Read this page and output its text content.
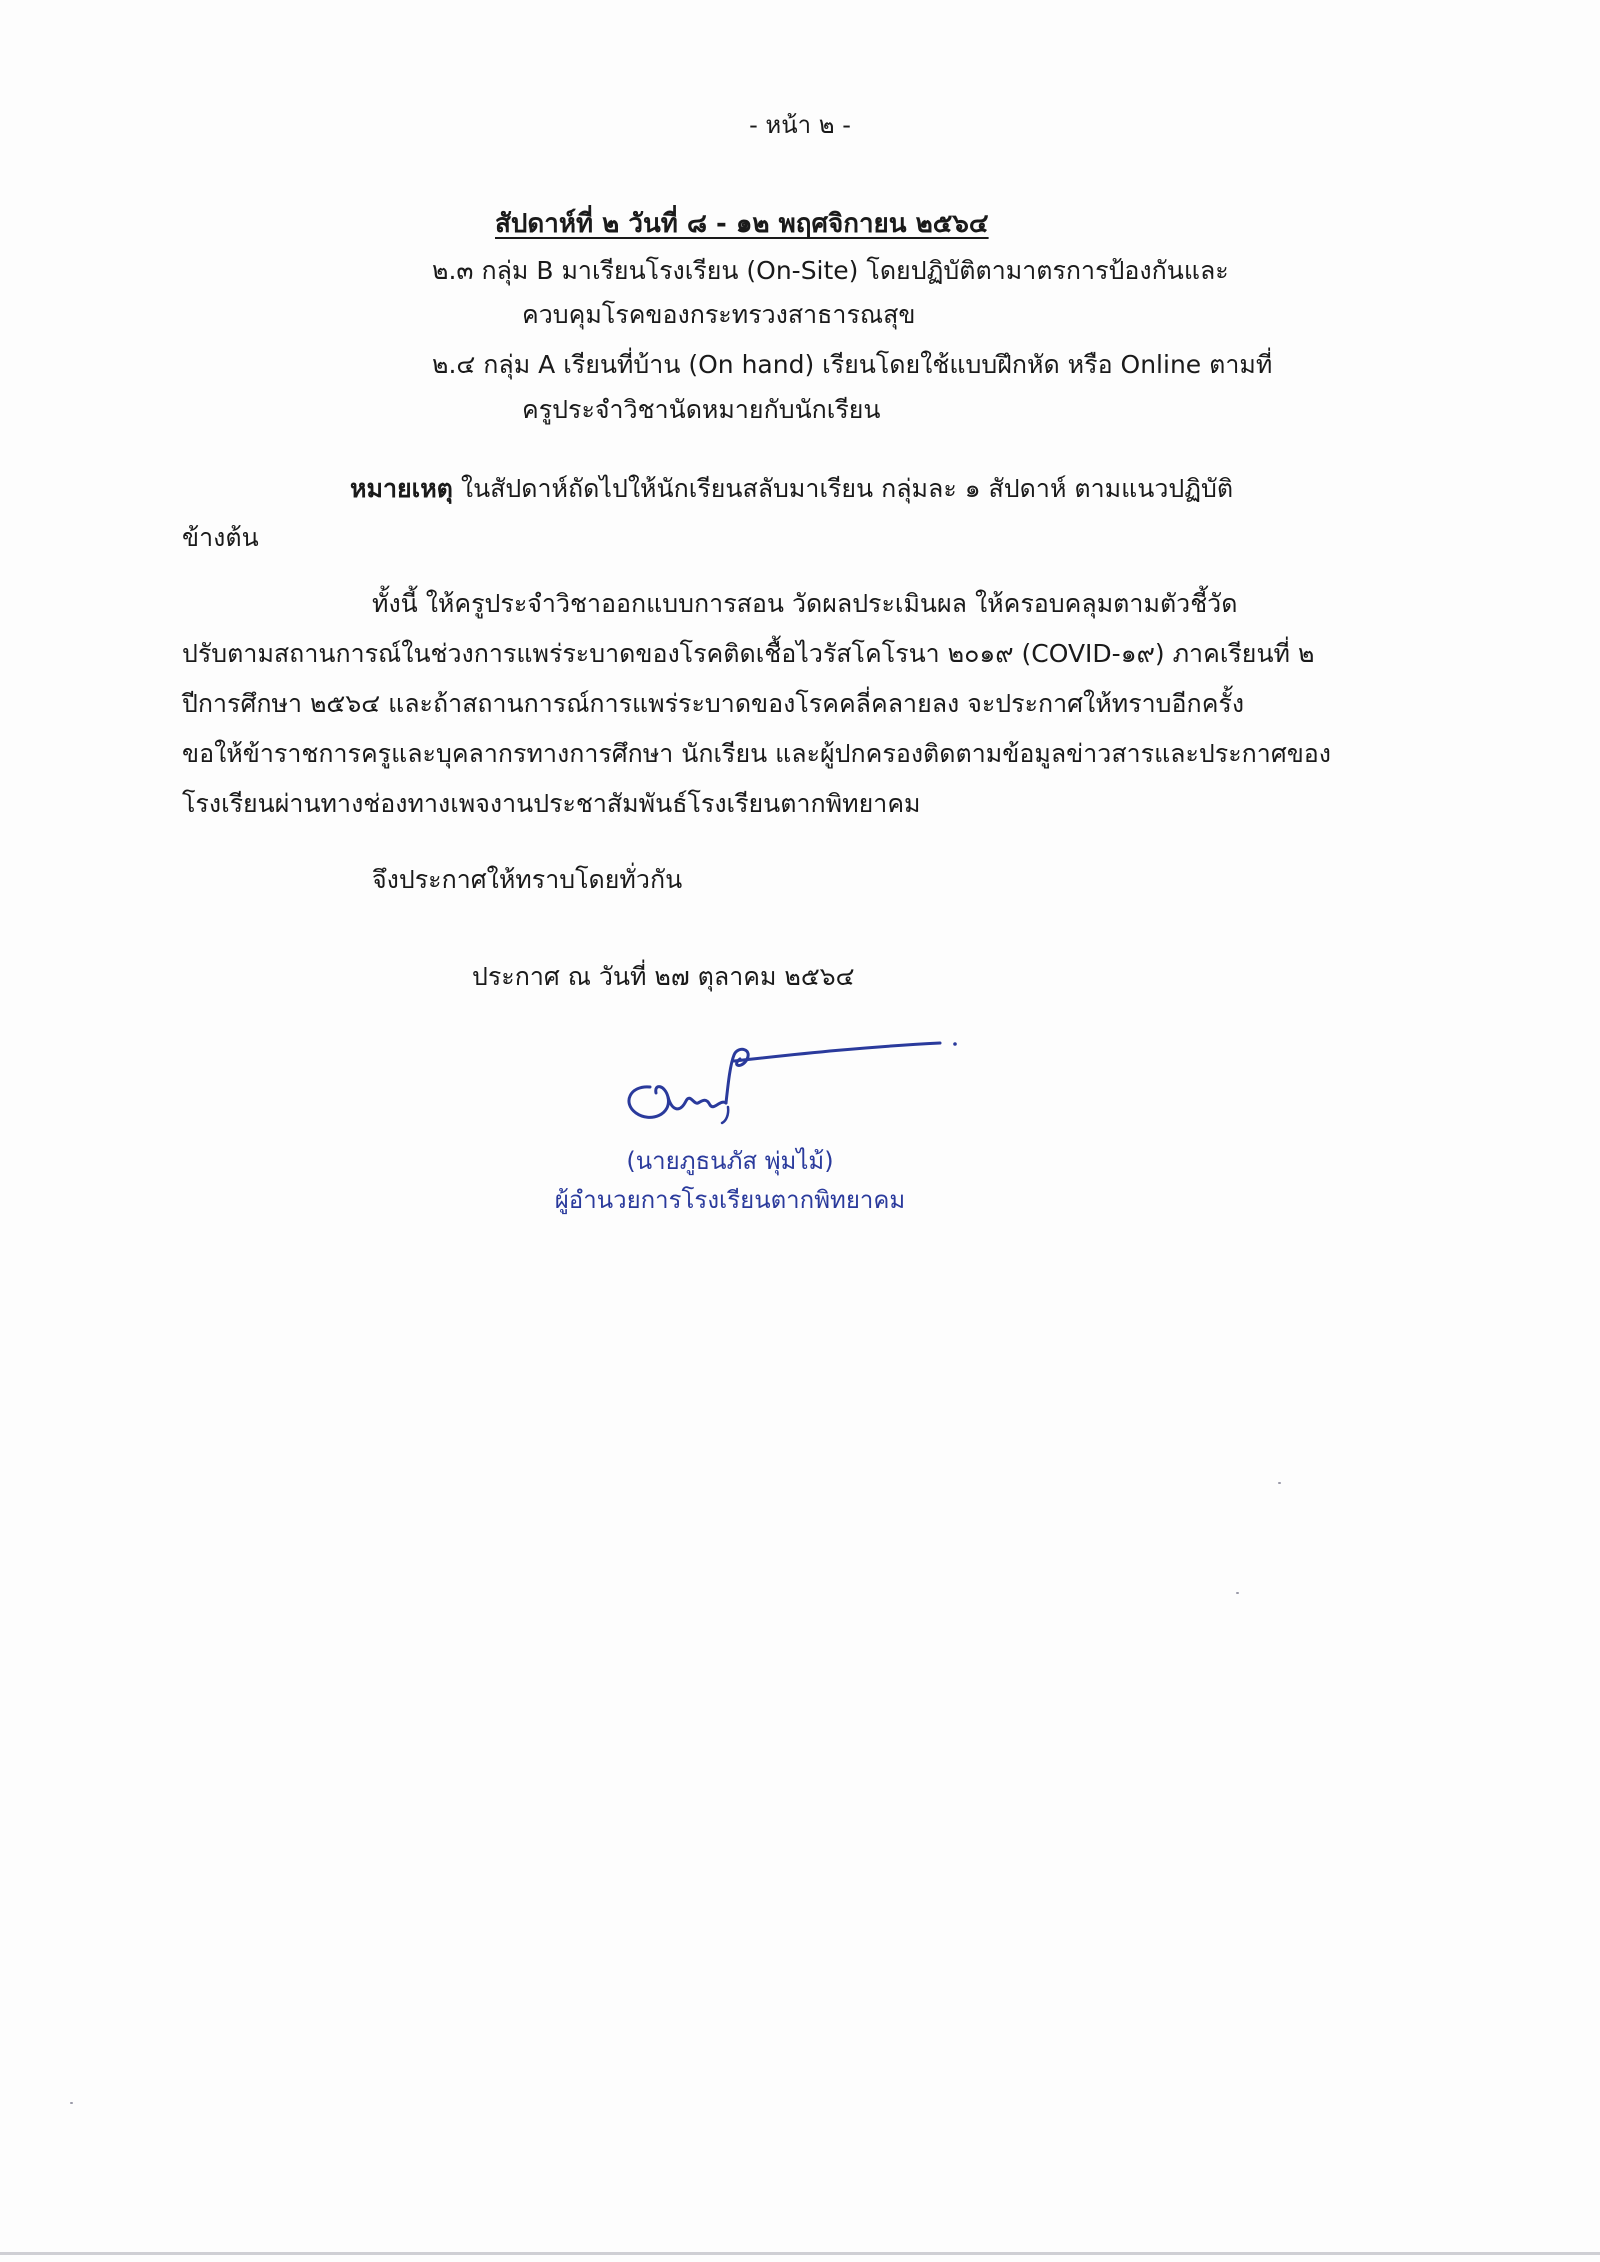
- หน้า ๒ -
สัปดาห์ที่ ๒ วันที่ ๘ - ๑๒ พฤศจิกายน ๒๕๖๔
๒.๓ กลุ่ม B มาเรียนโรงเรียน (On-Site) โดยปฏิบัติตามาตรการป้องกันและ
ควบคุมโรคของกระทรวงสาธารณสุข
๒.๔ กลุ่ม A เรียนที่บ้าน (On hand) เรียนโดยใช้แบบฝึกหัด หรือ Online ตามที่
ครูประจำวิชานัดหมายกับนักเรียน
หมายเหตุ ในสัปดาห์ถัดไปให้นักเรียนสลับมาเรียน กลุ่มละ ๑ สัปดาห์ ตามแนวปฏิบัติ
ข้างต้น
ทั้งนี้ ให้ครูประจำวิชาออกแบบการสอน วัดผลประเมินผล ให้ครอบคลุมตามตัวชี้วัด
ปรับตามสถานการณ์ในช่วงการแพร่ระบาดของโรคติดเชื้อไวรัสโคโรนา ๒๐๑๙ (COVID-๑๙) ภาคเรียนที่ ๒
ปีการศึกษา ๒๕๖๔ และถ้าสถานการณ์การแพร่ระบาดของโรคคลี่คลายลง จะประกาศให้ทราบอีกครั้ง
ขอให้ข้าราชการครูและบุคลากรทางการศึกษา นักเรียน และผู้ปกครองติดตามข้อมูลข่าวสารและประกาศของ
โรงเรียนผ่านทางช่องทางเพจงานประชาสัมพันธ์โรงเรียนตากพิทยาคม
จึงประกาศให้ทราบโดยทั่วกัน
ประกาศ ณ วันที่ ๒๗ ตุลาคม ๒๕๖๔
(นายภูธนภัส พุ่มไม้)
ผู้อำนวยการโรงเรียนตากพิทยาคม
